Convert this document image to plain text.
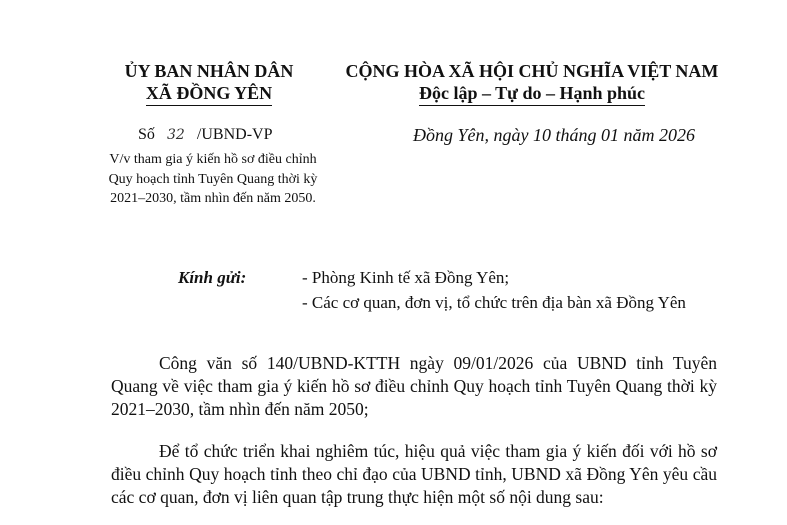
ỦY BAN NHÂN DÂN
XÃ ĐỒNG YÊN
CỘNG HÒA XÃ HỘI CHỦ NGHĨA VIỆT NAM
Độc lập – Tự do – Hạnh phúc
Số 32 /UBND-VP
V/v tham gia ý kiến hồ sơ điều chỉnh Quy hoạch tỉnh Tuyên Quang thời kỳ 2021–2030, tầm nhìn đến năm 2050.
Đồng Yên, ngày 10 tháng 01 năm 2026
Kính gửi:	- Phòng Kinh tế xã Đồng Yên;
- Các cơ quan, đơn vị, tổ chức trên địa bàn xã Đồng Yên
Công văn số 140/UBND-KTTH ngày 09/01/2026 của UBND tỉnh Tuyên Quang về việc tham gia ý kiến hồ sơ điều chỉnh Quy hoạch tỉnh Tuyên Quang thời kỳ 2021–2030, tầm nhìn đến năm 2050;
Để tổ chức triển khai nghiêm túc, hiệu quả việc tham gia ý kiến đối với hồ sơ điều chỉnh Quy hoạch tỉnh theo chỉ đạo của UBND tỉnh, UBND xã Đồng Yên yêu cầu các cơ quan, đơn vị liên quan tập trung thực hiện một số nội dung sau:
